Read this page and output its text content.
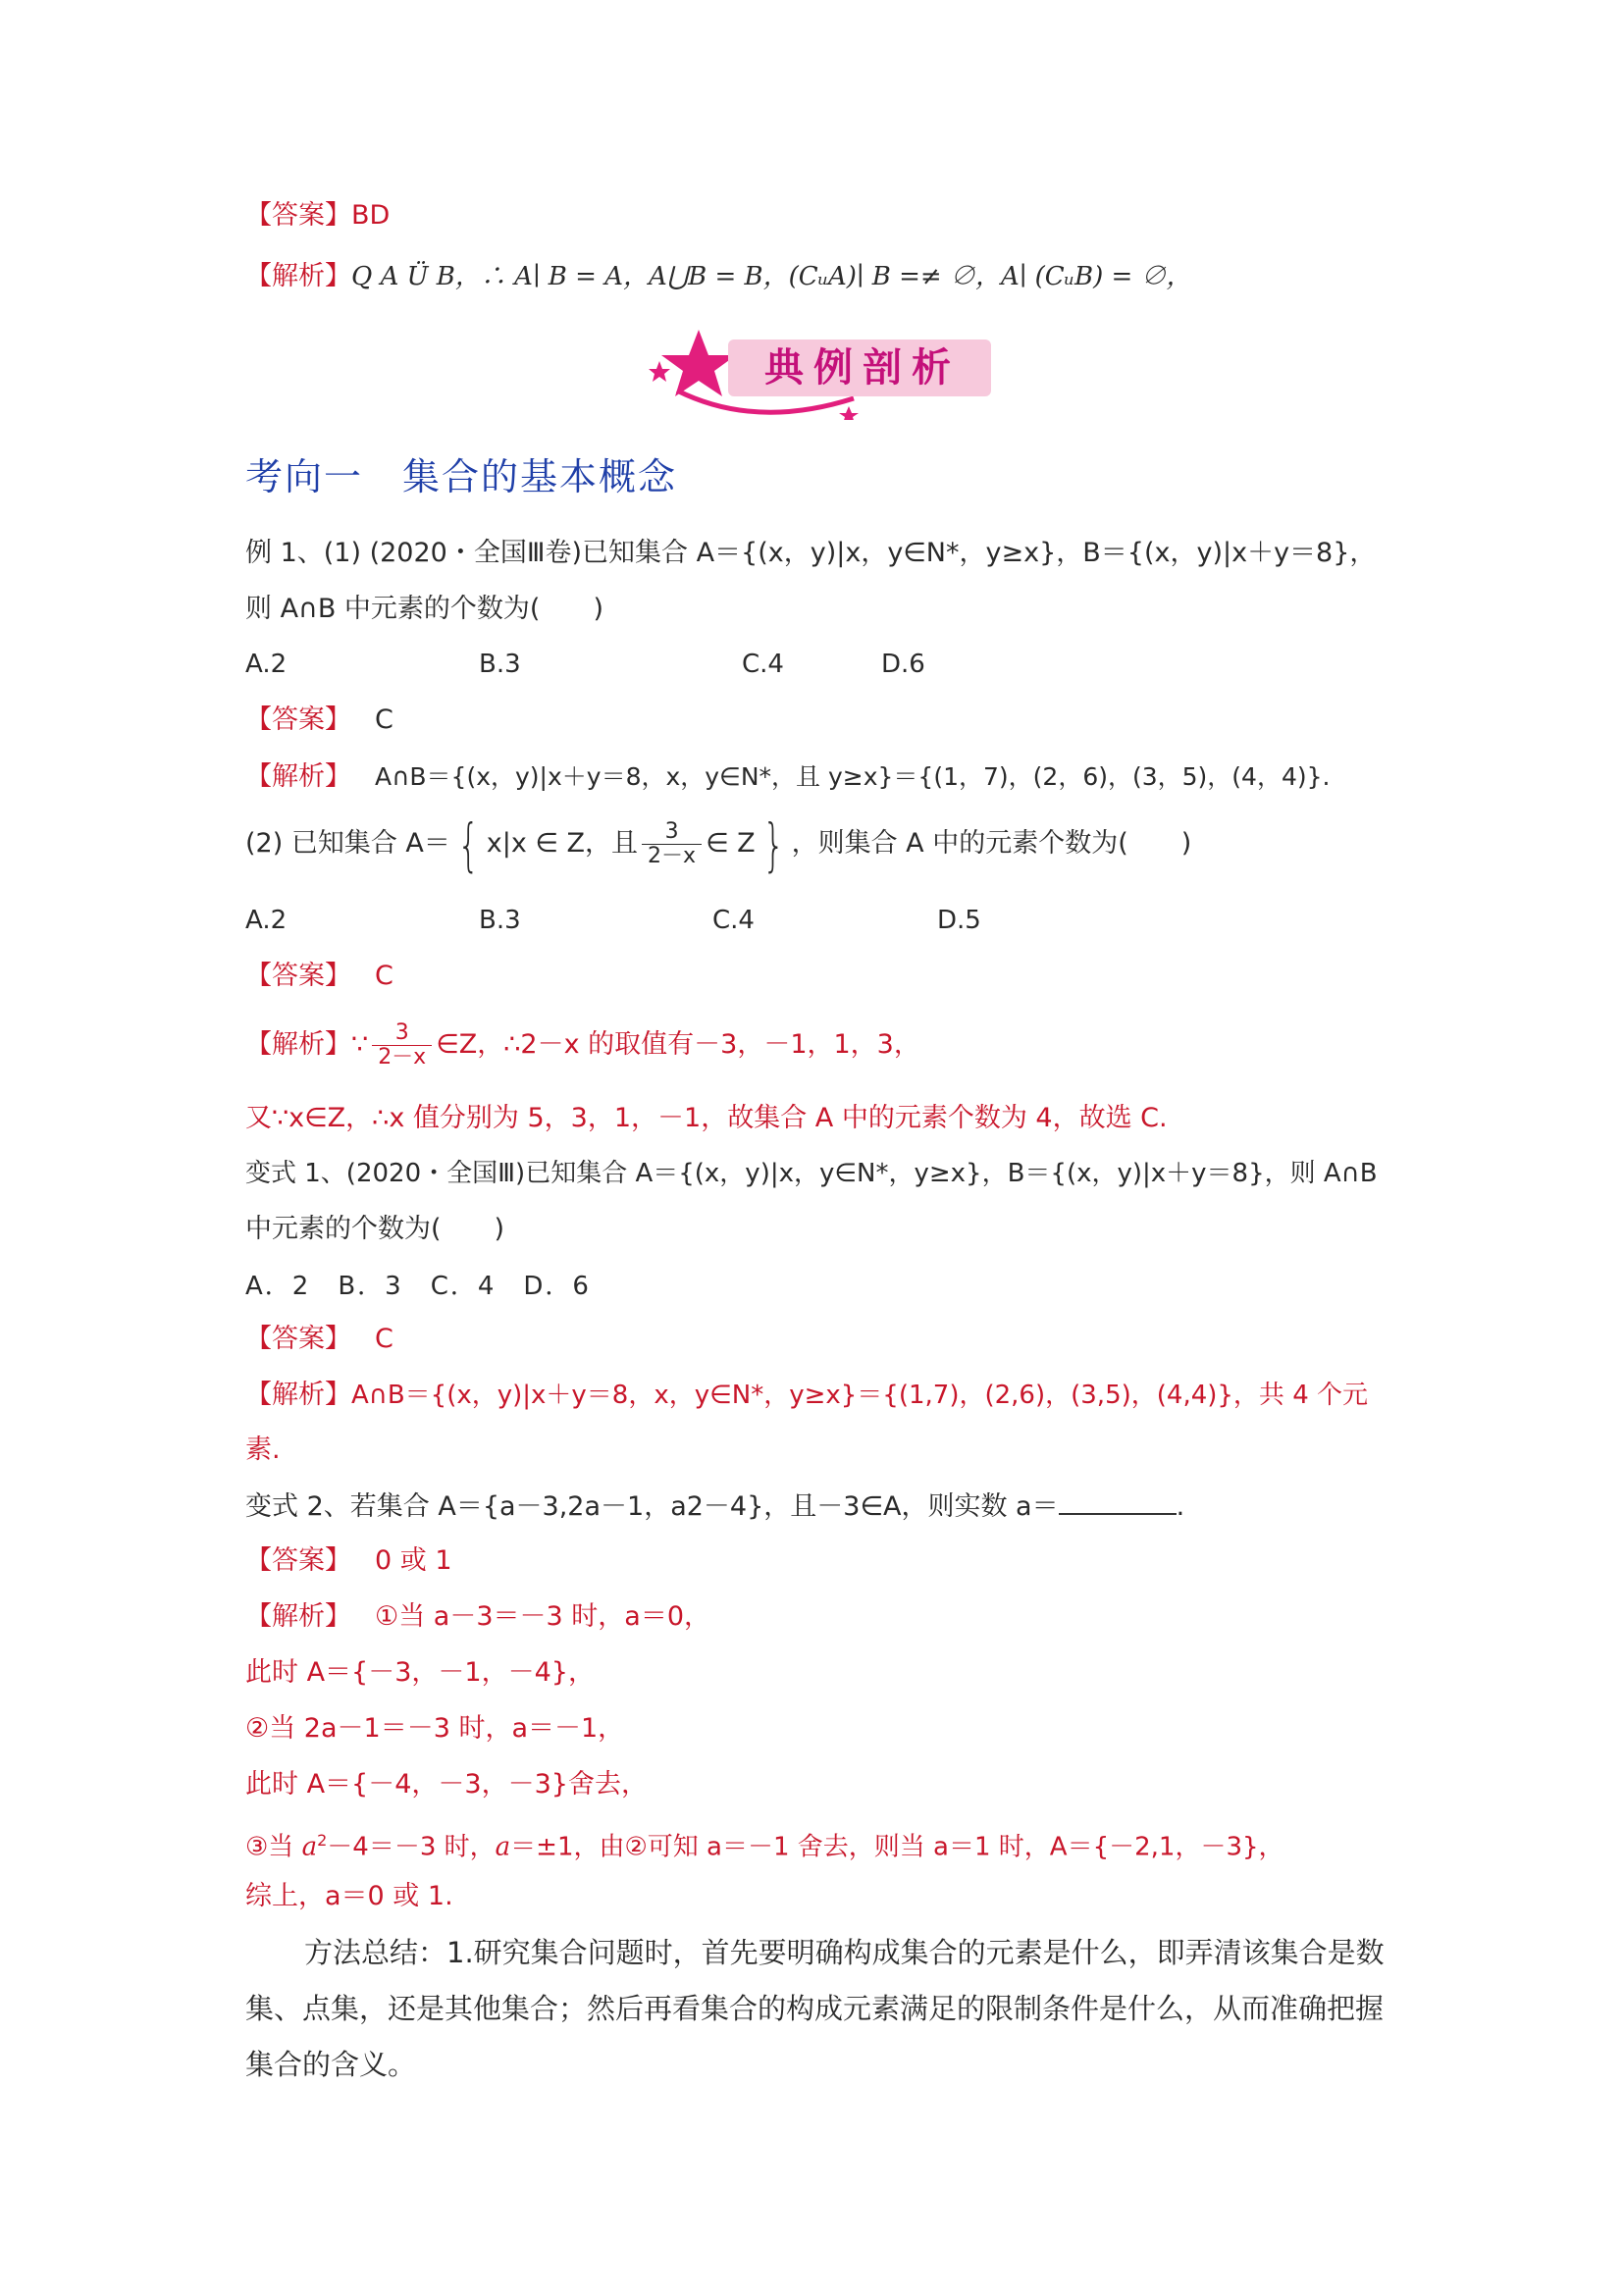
【答案】BD
【解析】Q A Ü B，∴ A∣ B = A，A⋃B = B，(CᵤA)∣ B =≠ ∅，A∣ (CᵤB) = ∅，
典例剖析
考向一　集合的基本概念
例 1、(1) (2020・全国Ⅲ卷)已知集合 A＝{(x，y)|x，y∈N*，y≥x}，B＝{(x，y)|x＋y＝8}，
则 A∩B 中元素的个数为(　　)
A.2	B.3	C.4	D.6
【答案】 C
【解析】 A∩B＝{(x，y)|x＋y＝8，x，y∈N*，且 y≥x}＝{(1，7)，(2，6)，(3，5)，(4，4)}.
(2) 已知集合 A＝ { x|x ∈ Z，且 $\frac{3}{2-x}$ ∈ Z } ，则集合 A 中的元素个数为(　　)
A.2	B.3	C.4	D.5
【答案】 C
【解析】∵ $\frac{3}{2-x}$ ∈Z，∴2－x 的取值有－3，－1，1，3，
又∵x∈Z，∴x 值分别为 5，3，1，－1，故集合 A 中的元素个数为 4，故选 C.
变式 1、(2020・全国Ⅲ)已知集合 A＝{(x，y)|x，y∈N*，y≥x}，B＝{(x，y)|x＋y＝8}，则 A∩B
中元素的个数为(　　)
A．2　B．3　C．4　D．6
【答案】 C
【解析】A∩B＝{(x，y)|x＋y＝8，x，y∈N*，y≥x}＝{(1,7)，(2,6)，(3,5)，(4,4)}，共 4 个元
素.
变式 2、若集合 A＝{a－3,2a－1，a2－4}，且－3∈A，则实数 a＝	.
【答案】 0 或 1
【解析】 ①当 a－3＝－3 时，a＝0，
此时 A＝{－3，－1，－4}，
②当 2a－1＝－3 时，a＝－1，
此时 A＝{－4，－3，－3}舍去，
③当 $a^2-4=-3$ 时，a＝±1，由②可知 a＝－1 舍去，则当 a＝1 时，A＝{－2,1，－3}，
综上，a＝0 或 1.
方法总结：1.研究集合问题时，首先要明确构成集合的元素是什么，即弄清该集合是数
集、点集，还是其他集合；然后再看集合的构成元素满足的限制条件是什么，从而准确把握
集合的含义。
